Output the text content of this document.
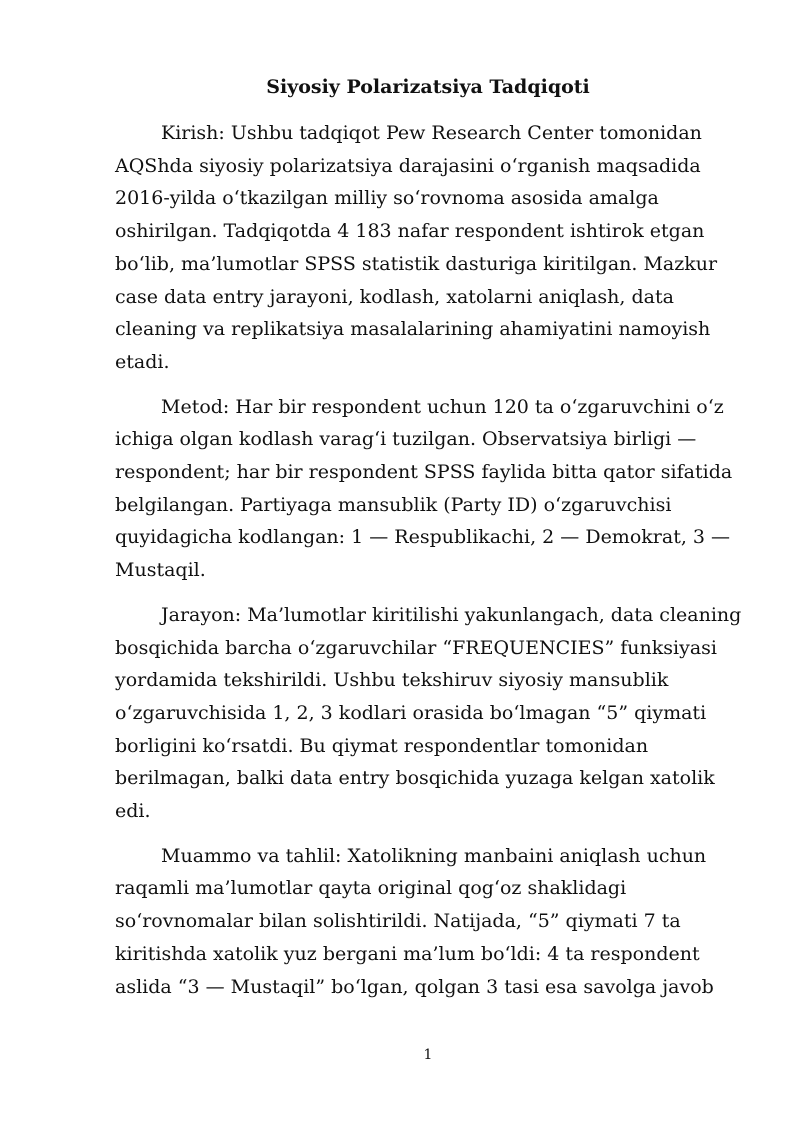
Siyosiy Polarizatsiya Tadqiqoti

Kirish: Ushbu tadqiqot Pew Research Center tomonidan AQShda siyosiy polarizatsiya darajasini o‘rganish maqsadida 2016-yilda o‘tkazilgan milliy so‘rovnoma asosida amalga oshirilgan. Tadqiqotda 4 183 nafar respondent ishtirok etgan bo‘lib, ma’lumotlar SPSS statistik dasturiga kiritilgan. Mazkur case data entry jarayoni, kodlash, xatolarni aniqlash, data cleaning va replikatsiya masalalarining ahamiyatini namoyish etadi.

Metod: Har bir respondent uchun 120 ta o‘zgaruvchini o‘z ichiga olgan kodlash varag‘i tuzilgan. Observatsiya birligi — respondent; har bir respondent SPSS faylida bitta qator sifatida belgilangan. Partiyaga mansublik (Party ID) o‘zgaruvchisi quyidagicha kodlangan: 1 — Respublikachi, 2 — Demokrat, 3 — Mustaqil.

Jarayon: Ma’lumotlar kiritilishi yakunlangach, data cleaning bosqichida barcha o‘zgaruvchilar “FREQUENCIES” funksiyasi yordamida tekshirildi. Ushbu tekshiruv siyosiy mansublik o‘zgaruvchisida 1, 2, 3 kodlari orasida bo‘lmagan “5” qiymati borligini ko‘rsatdi. Bu qiymat respondentlar tomonidan berilmagan, balki data entry bosqichida yuzaga kelgan xatolik edi.

Muammo va tahlil: Xatolikning manbaini aniqlash uchun raqamli ma’lumotlar qayta original qog‘oz shaklidagi so‘rovnomalar bilan solishtirildi. Natijada, “5” qiymati 7 ta kiritishda xatolik yuz bergani ma’lum bo‘ldi: 4 ta respondent aslida “3 — Mustaqil” bo‘lgan, qolgan 3 tasi esa savolga javob

1
